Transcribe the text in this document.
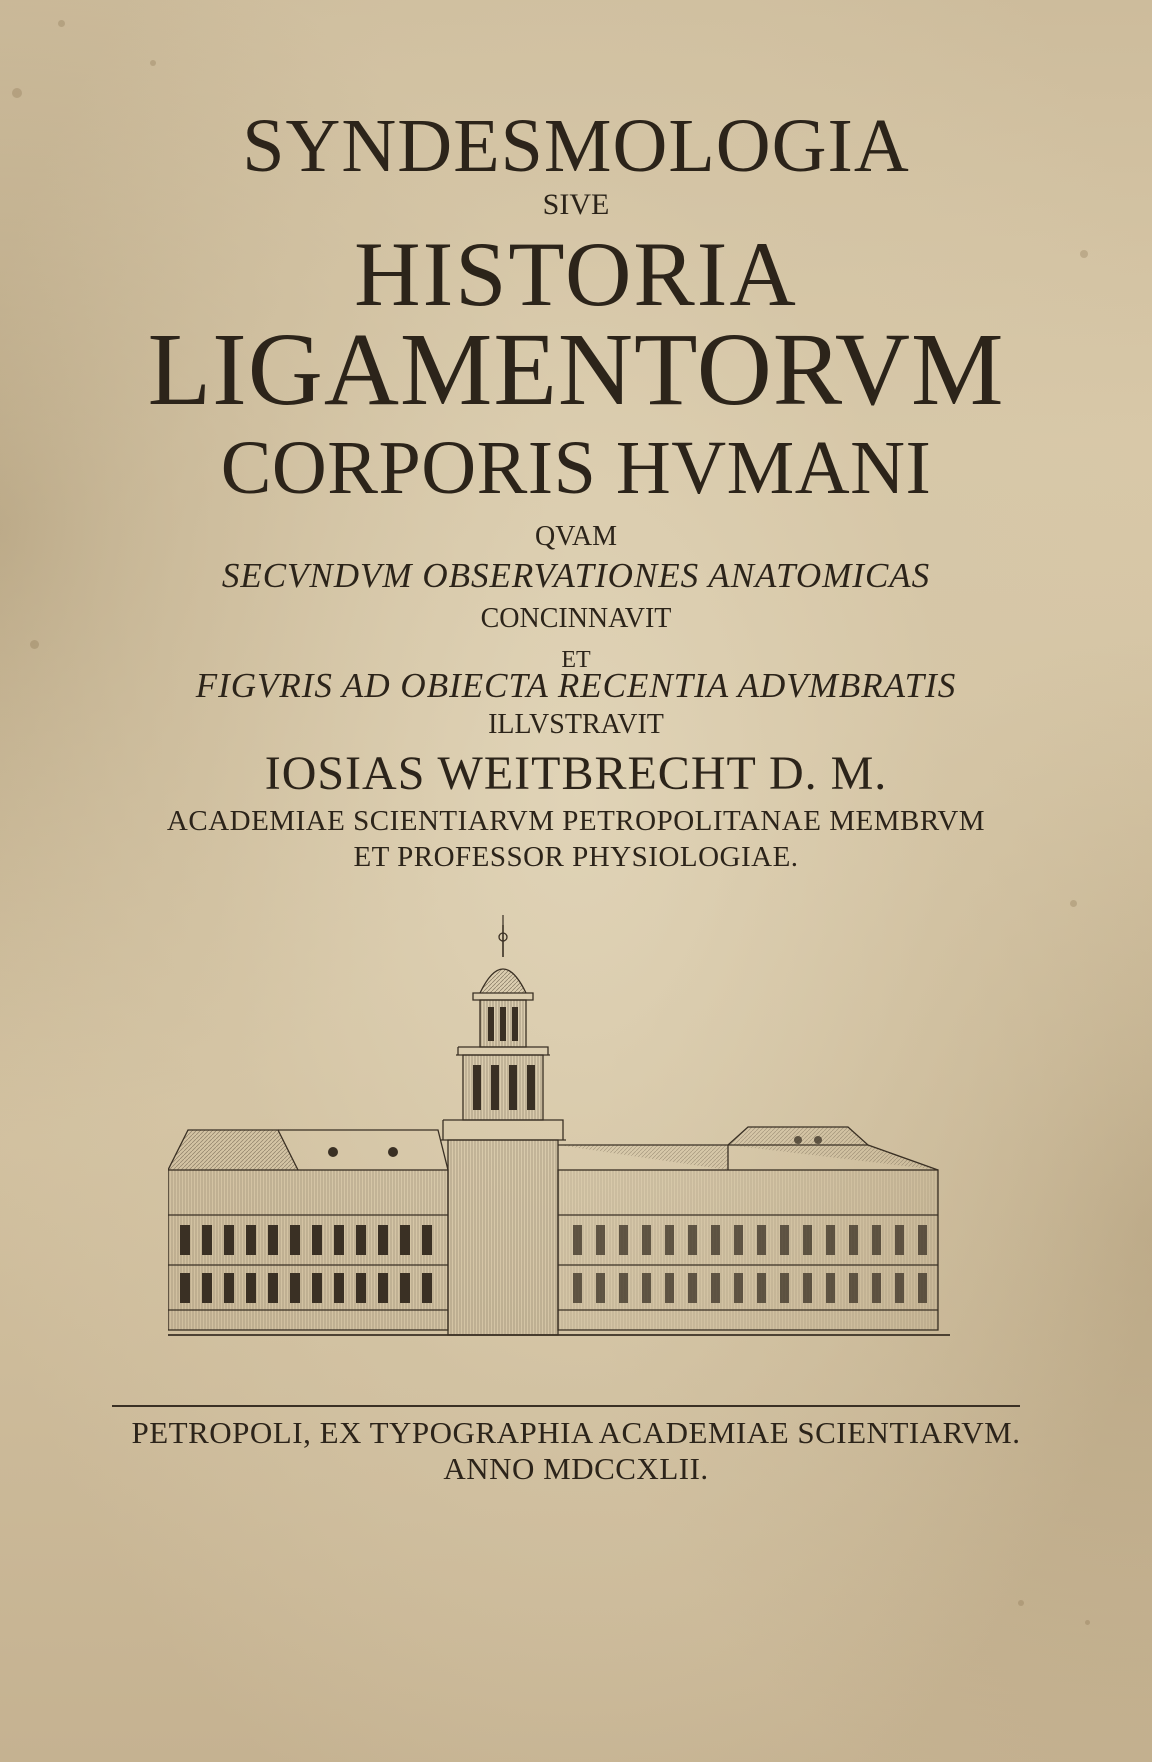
SYNDESMOLOGIA
SIVE
HISTORIA
LIGAMENTORVM
CORPORIS HVMANI
QVAM
SECVNDVM OBSERVATIONES ANATOMICAS
CONCINNAVIT
ET
FIGVRIS AD OBIECTA RECENTIA ADVMBRATIS
ILLVSTRAVIT
IOSIAS WEITBRECHT D. M.
ACADEMIAE SCIENTIARVM PETROPOLITANAE MEMBRVM
ET PROFESSOR PHYSIOLOGIAE.
PETROPOLI, EX TYPOGRAPHIA ACADEMIAE SCIENTIARVM.
ANNO MDCCXLII.
